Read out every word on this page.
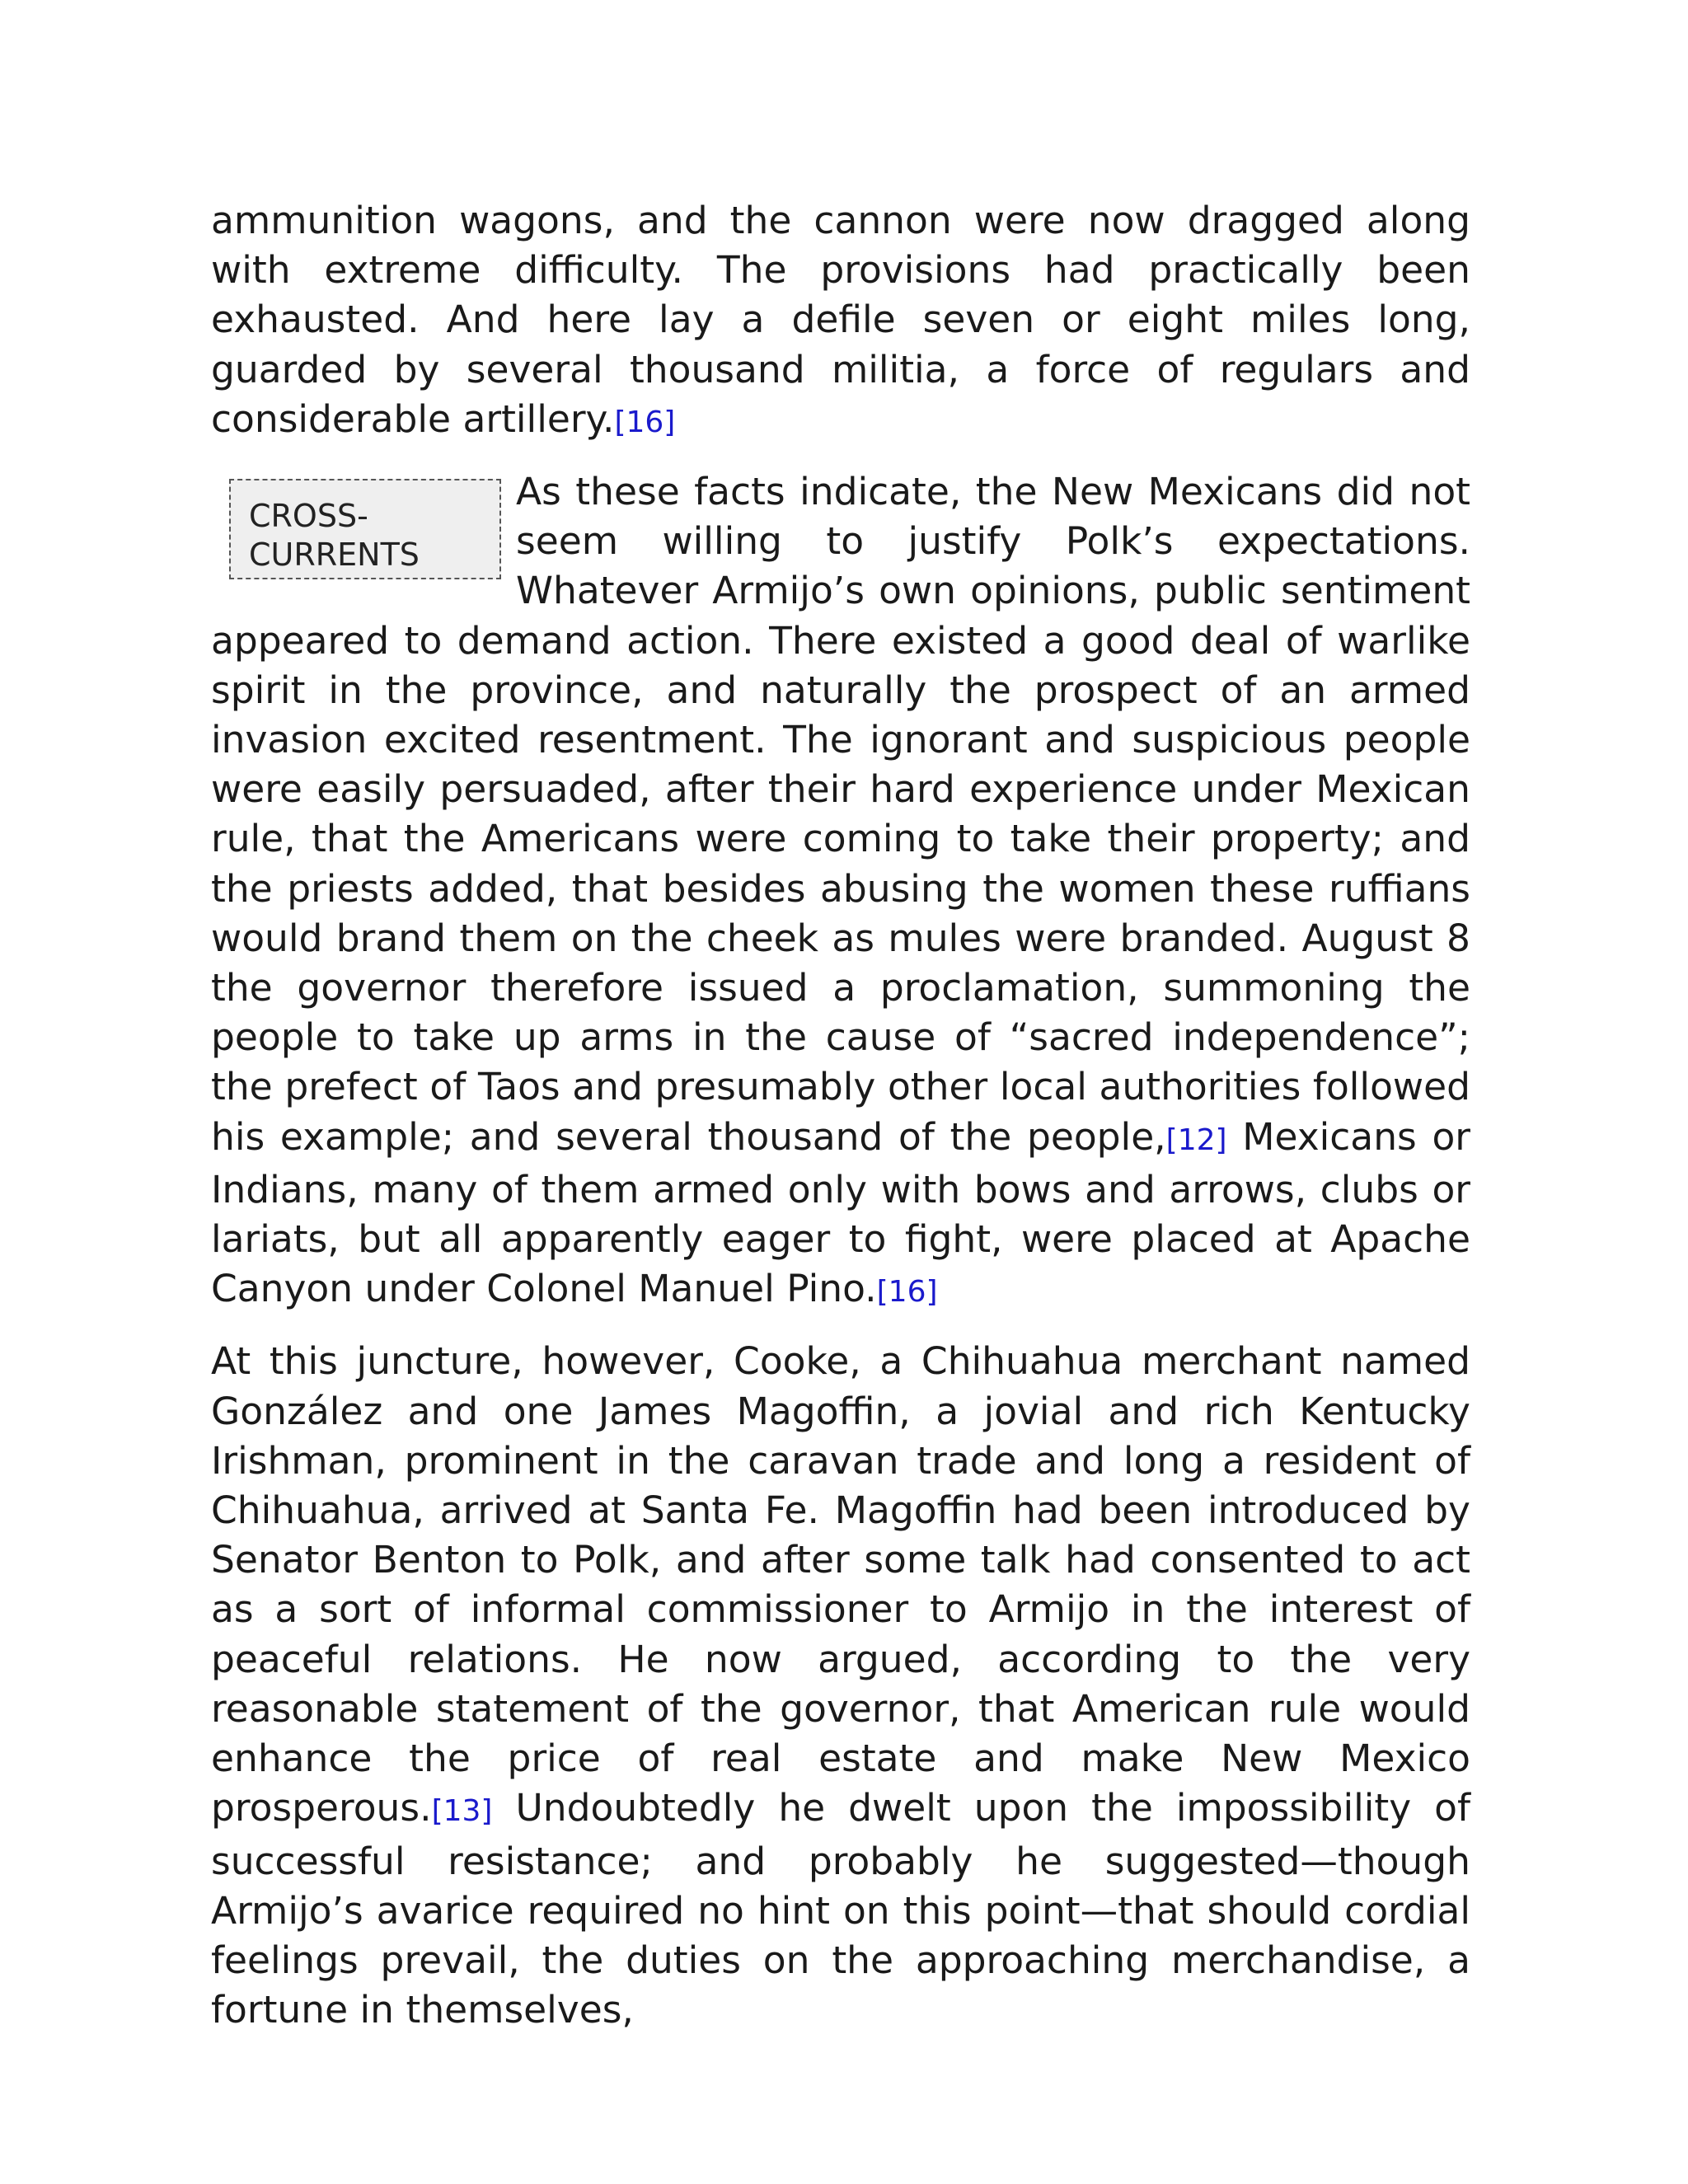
ammunition wagons, and the cannon were now dragged along with extreme difficulty. The provisions had practically been exhausted. And here lay a defile seven or eight miles long, guarded by several thousand militia, a force of regulars and considerable artillery.[16]

CROSS-
CURRENTS

As these facts indicate, the New Mexicans did not seem willing to justify Polk’s expectations. Whatever Armijo’s own opinions, public sentiment appeared to demand action. There existed a good deal of warlike spirit in the province, and naturally the prospect of an armed invasion excited resentment. The ignorant and suspicious people were easily persuaded, after their hard experience under Mexican rule, that the Americans were coming to take their property; and the priests added, that besides abusing the women these ruffians would brand them on the cheek as mules were branded. August 8 the governor therefore issued a proclamation, summoning the people to take up arms in the cause of “sacred independence”; the prefect of Taos and presumably other local authorities followed his example; and several thousand of the people,[12] Mexicans or Indians, many of them armed only with bows and arrows, clubs or lariats, but all apparently eager to fight, were placed at Apache Canyon under Colonel Manuel Pino.[16]

At this juncture, however, Cooke, a Chihuahua merchant named González and one James Magoffin, a jovial and rich Kentucky Irishman, prominent in the caravan trade and long a resident of Chihuahua, arrived at Santa Fe. Magoffin had been introduced by Senator Benton to Polk, and after some talk had consented to act as a sort of informal commissioner to Armijo in the interest of peaceful relations. He now argued, according to the very reasonable statement of the governor, that American rule would enhance the price of real estate and make New Mexico prosperous.[13] Undoubtedly he dwelt upon the impossibility of successful resistance; and probably he suggested—though Armijo’s avarice required no hint on this point—that should cordial feelings prevail, the duties on the approaching merchandise, a fortune in themselves,
